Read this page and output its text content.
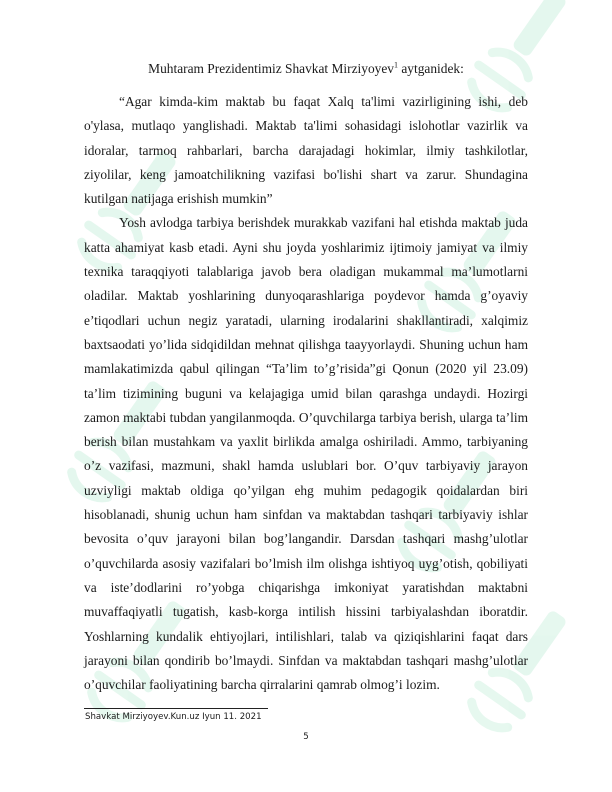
Muhtaram Prezidentimiz Shavkat Mirziyoyev$^1$ aytganidek:

“Agar kimda-kim maktab bu faqat Xalq ta'limi vazirligining ishi, deb o'ylasa, mutlaqo yanglishadi. Maktab ta'limi sohasidagi islohotlar vazirlik va idoralar, tarmoq rahbarlari, barcha darajadagi hokimlar, ilmiy tashkilotlar, ziyolilar, keng jamoatchilikning vazifasi bo'lishi shart va zarur. Shundagina kutilgan natijaga erishish mumkin”

Yosh avlodga tarbiya berishdek murakkab vazifani hal etishda maktab juda katta ahamiyat kasb etadi. Ayni shu joyda yoshlarimiz ijtimoiy jamiyat va ilmiy texnika taraqqiyoti talablariga javob bera oladigan mukammal ma’lumotlarni oladilar. Maktab yoshlarining dunyoqarashlariga poydevor hamda g’oyaviy e’tiqodlari uchun negiz yaratadi, ularning irodalarini shakllantiradi, xalqimiz baxtsaodati yo’lida sidqidildan mehnat qilishga taayyorlaydi. Shuning uchun ham mamlakatimizda qabul qilingan “Ta’lim to’g’risida”gi Qonun (2020 yil 23.09) ta’lim tizimining buguni va kelajagiga umid bilan qarashga undaydi. Hozirgi zamon maktabi tubdan yangilanmoqda. O’quvchilarga tarbiya berish, ularga ta’lim berish bilan mustahkam va yaxlit birlikda amalga oshiriladi. Ammo, tarbiyaning o’z vazifasi, mazmuni, shakl hamda uslublari bor. O’quv tarbiyaviy jarayon uzviyligi maktab oldiga qo’yilgan ehg muhim pedagogik qoidalardan biri hisoblanadi, shunig uchun ham sinfdan va maktabdan tashqari tarbiyaviy ishlar bevosita o’quv jarayoni bilan bog’langandir. Darsdan tashqari mashg’ulotlar o’quvchilarda asosiy vazifalari bo’lmish ilm olishga ishtiyoq uyg’otish, qobiliyati va iste’dodlarini ro’yobga chiqarishga imkoniyat yaratishdan maktabni muvaffaqiyatli tugatish, kasb-korga intilish hissini tarbiyalashdan iboratdir. Yoshlarning kundalik ehtiyojlari, intilishlari, talab va qiziqishlarini faqat dars jarayoni bilan qondirib bo’lmaydi. Sinfdan va maktabdan tashqari mashg’ulotlar o’quvchilar faoliyatining barcha qirralarini qamrab olmog’i lozim.

Shavkat Mirziyoyev.Kun.uz Iyun 11. 2021
5
